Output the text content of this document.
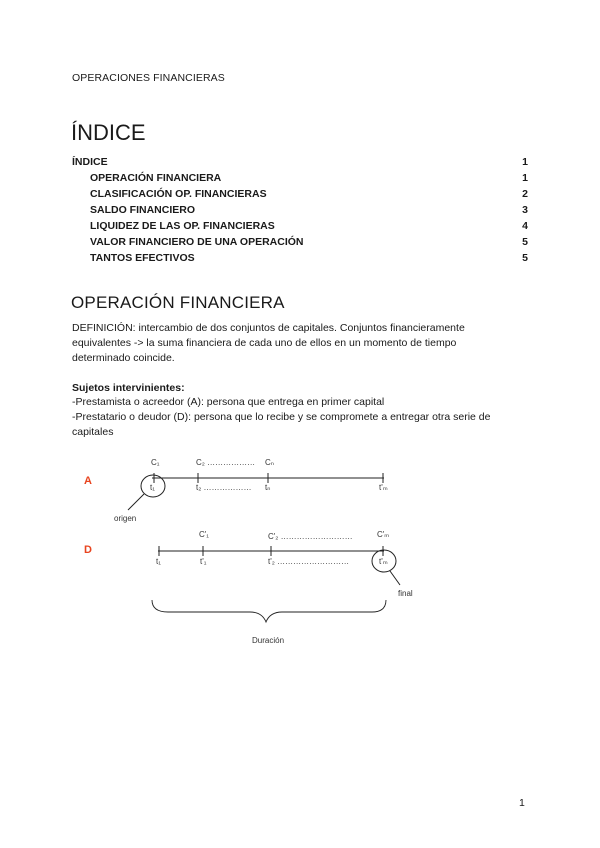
OPERACIONES FINANCIERAS
ÍNDICE
ÍNDICE	1
OPERACIÓN FINANCIERA	1
CLASIFICACIÓN OP. FINANCIERAS	2
SALDO FINANCIERO	3
LIQUIDEZ DE LAS OP. FINANCIERAS	4
VALOR FINANCIERO DE UNA OPERACIÓN	5
TANTOS EFECTIVOS	5
OPERACIÓN FINANCIERA

DEFINICIÓN: intercambio de dos conjuntos de capitales. Conjuntos financieramente
equivalentes -> la suma financiera de cada uno de ellos en un momento de tiempo
determinado coincide.

Sujetos intervinientes:

-Prestamista o acreedor (A): persona que entrega en primer capital

-Prestatario o deudor (D): persona que lo recibe y se compromete a entregar otra serie de
capitales

A
C₁	C₂ ……………… Cₙ
t₁	t₂ ……………… tₙ	t'ₘ
origen
D
C'₁	C'₂ ………………………	C'ₘ
t₁	t'₁	t'₂ ………………………	t'ₘ
final
Duración
1
